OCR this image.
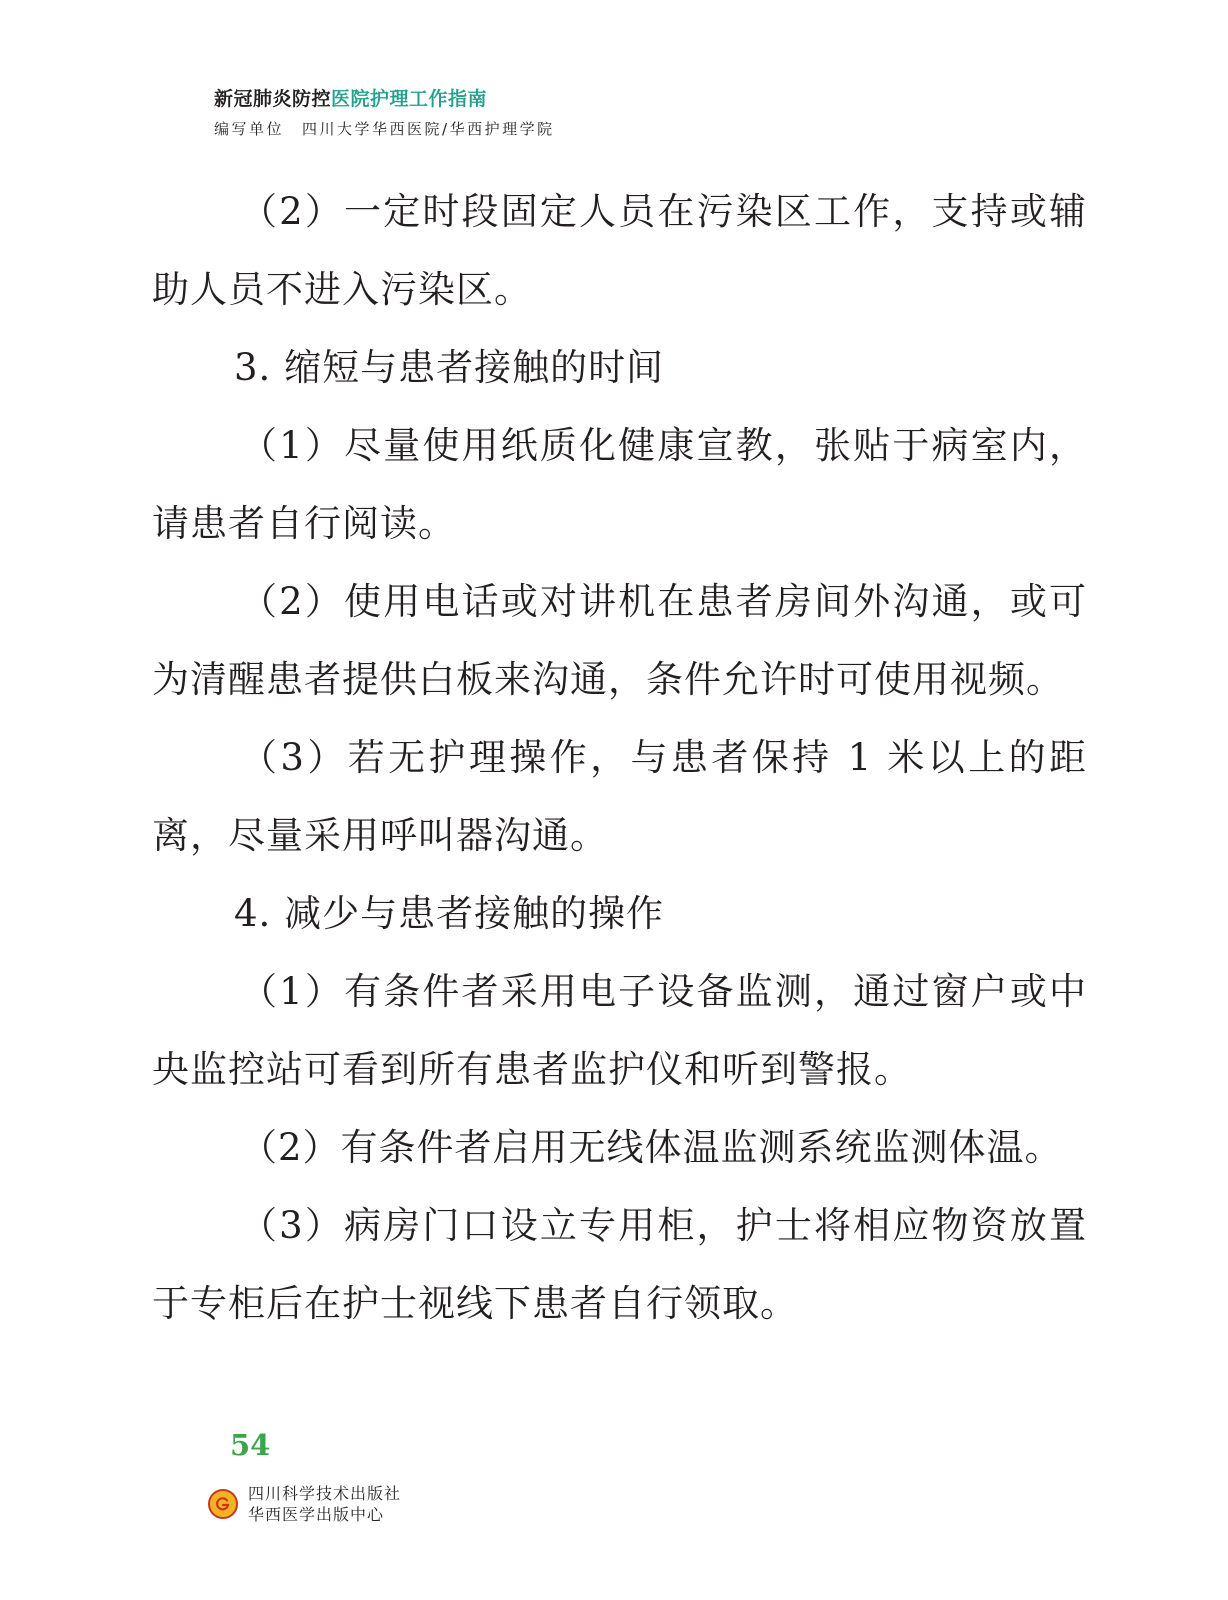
新冠肺炎防控医院护理工作指南
编写单位 四川大学华西医院/华西护理学院

（2）一定时段固定人员在污染区工作，支持或辅助人员不进入污染区。

3. 缩短与患者接触的时间

（1）尽量使用纸质化健康宣教，张贴于病室内，请患者自行阅读。

（2）使用电话或对讲机在患者房间外沟通，或可为清醒患者提供白板来沟通，条件允许时可使用视频。

（3）若无护理操作，与患者保持 1 米以上的距离，尽量采用呼叫器沟通。

4. 减少与患者接触的操作

（1）有条件者采用电子设备监测，通过窗户或中央监控站可看到所有患者监护仪和听到警报。

（2）有条件者启用无线体温监测系统监测体温。

（3）病房门口设立专用柜，护士将相应物资放置于专柜后在护士视线下患者自行领取。

54
四川科学技术出版社
华西医学出版中心
